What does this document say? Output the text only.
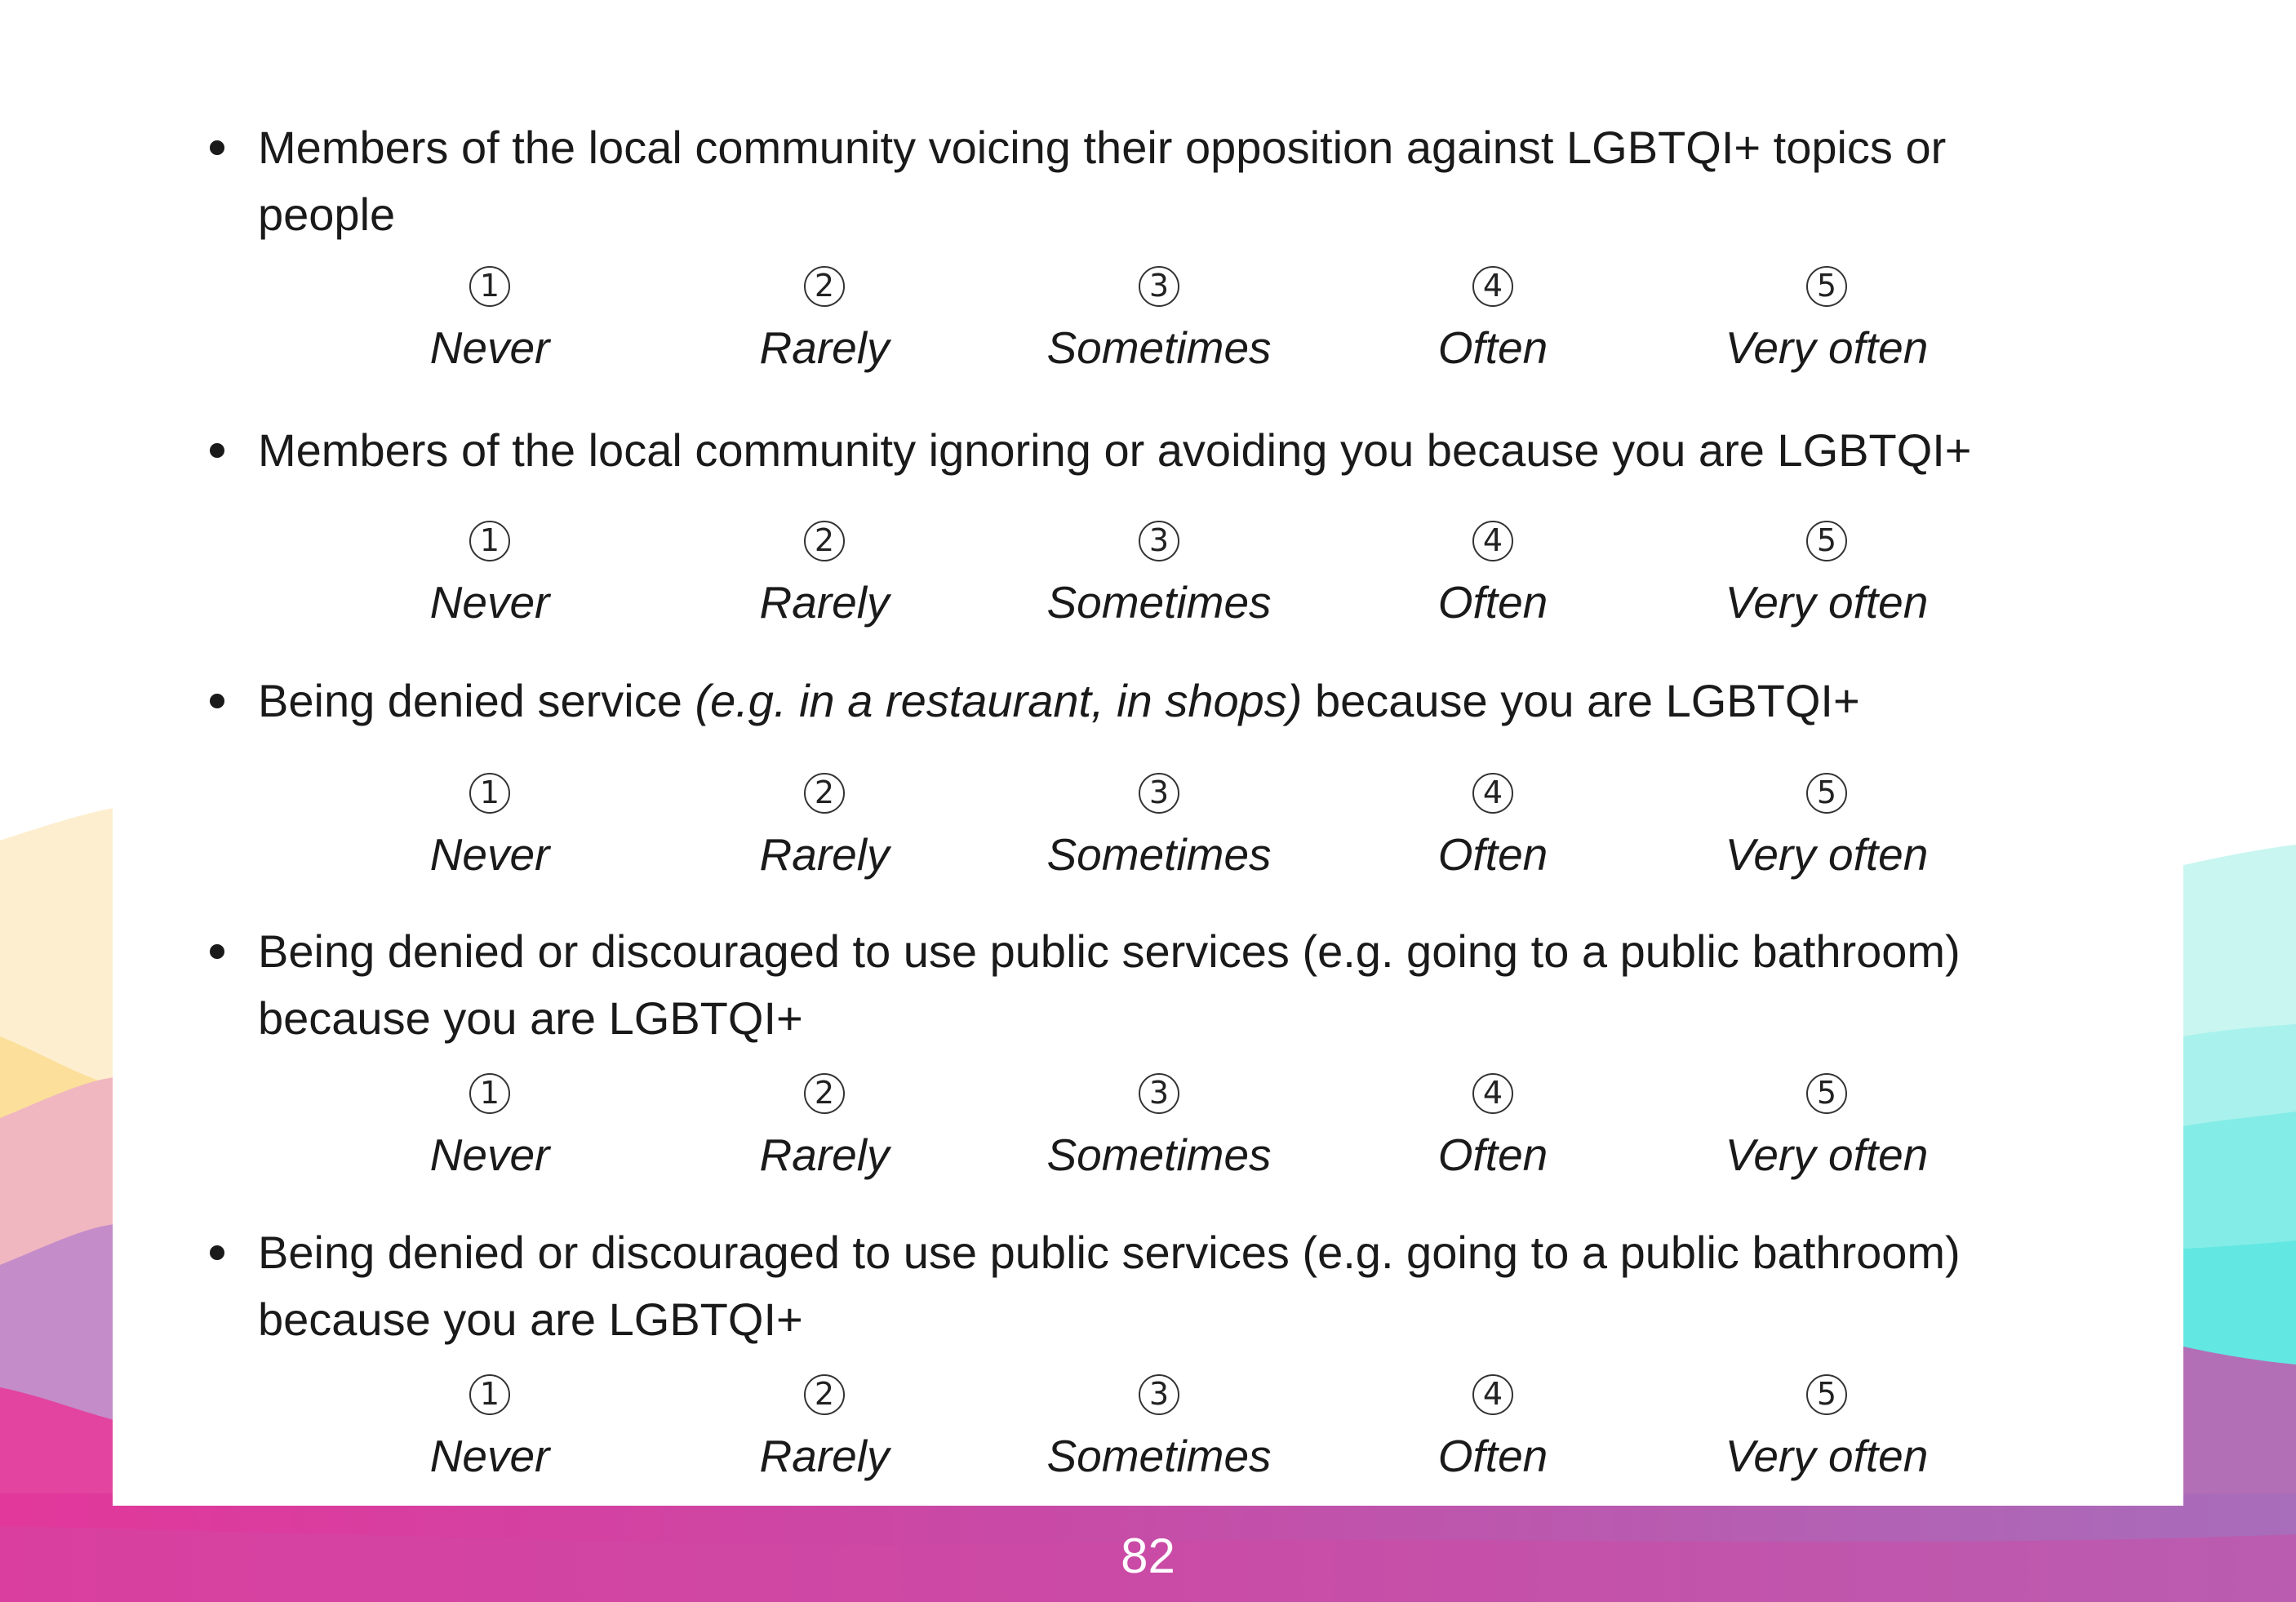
Members of the local community voicing their opposition against LGBTQI+ topics or
people

1
Never
2
Rarely
3
Sometimes
4
Often
5
Very often

Members of the local community ignoring or avoiding you because you are LGBTQI+

1
Never
2
Rarely
3
Sometimes
4
Often
5
Very often

Being denied service (e.g. in a restaurant, in shops) because you are LGBTQI+

1
Never
2
Rarely
3
Sometimes
4
Often
5
Very often

Being denied or discouraged to use public services (e.g. going to a public bathroom)
because you are LGBTQI+

1
Never
2
Rarely
3
Sometimes
4
Often
5
Very often

Being denied or discouraged to use public services (e.g. going to a public bathroom)
because you are LGBTQI+

1
Never
2
Rarely
3
Sometimes
4
Often
5
Very often
82
